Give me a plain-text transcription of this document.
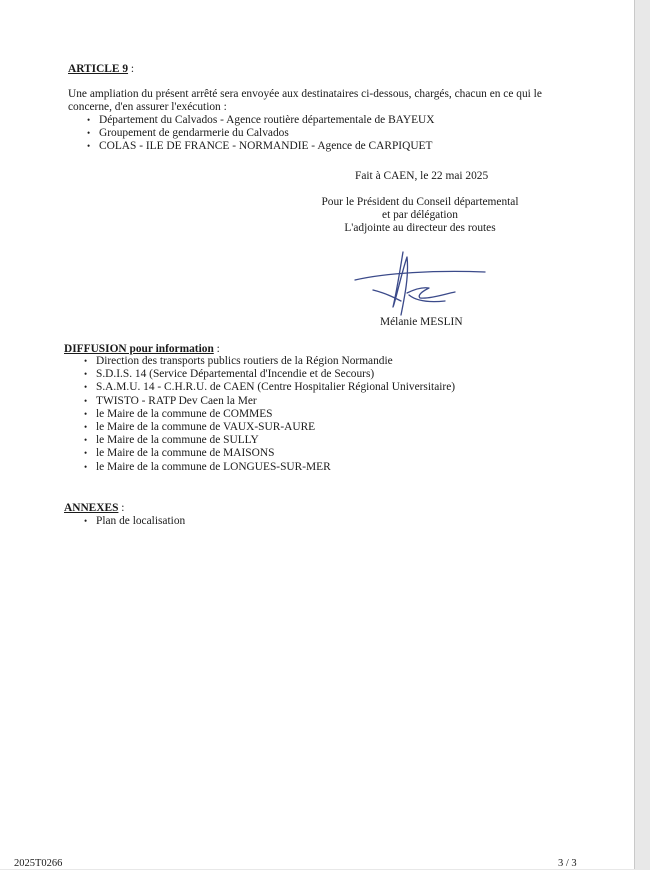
ARTICLE 9 :
Une ampliation du présent arrêté sera envoyée aux destinataires ci-dessous, chargés, chacun en ce qui le
concerne, d'en assurer l'exécution :
• Département du Calvados - Agence routière départementale de BAYEUX
• Groupement de gendarmerie du Calvados
• COLAS - ILE DE FRANCE - NORMANDIE - Agence de CARPIQUET
Fait à CAEN, le 22 mai 2025
Pour le Président du Conseil départemental
et par délégation
L'adjointe au directeur des routes
Mélanie MESLIN
DIFFUSION pour information :
• Direction des transports publics routiers de la Région Normandie
• S.D.I.S. 14 (Service Départemental d'Incendie et de Secours)
• S.A.M.U. 14 - C.H.R.U. de CAEN (Centre Hospitalier Régional Universitaire)
• TWISTO - RATP Dev Caen la Mer
• le Maire de la commune de COMMES
• le Maire de la commune de VAUX-SUR-AURE
• le Maire de la commune de SULLY
• le Maire de la commune de MAISONS
• le Maire de la commune de LONGUES-SUR-MER
ANNEXES :
• Plan de localisation
2025T0266	3 / 3
